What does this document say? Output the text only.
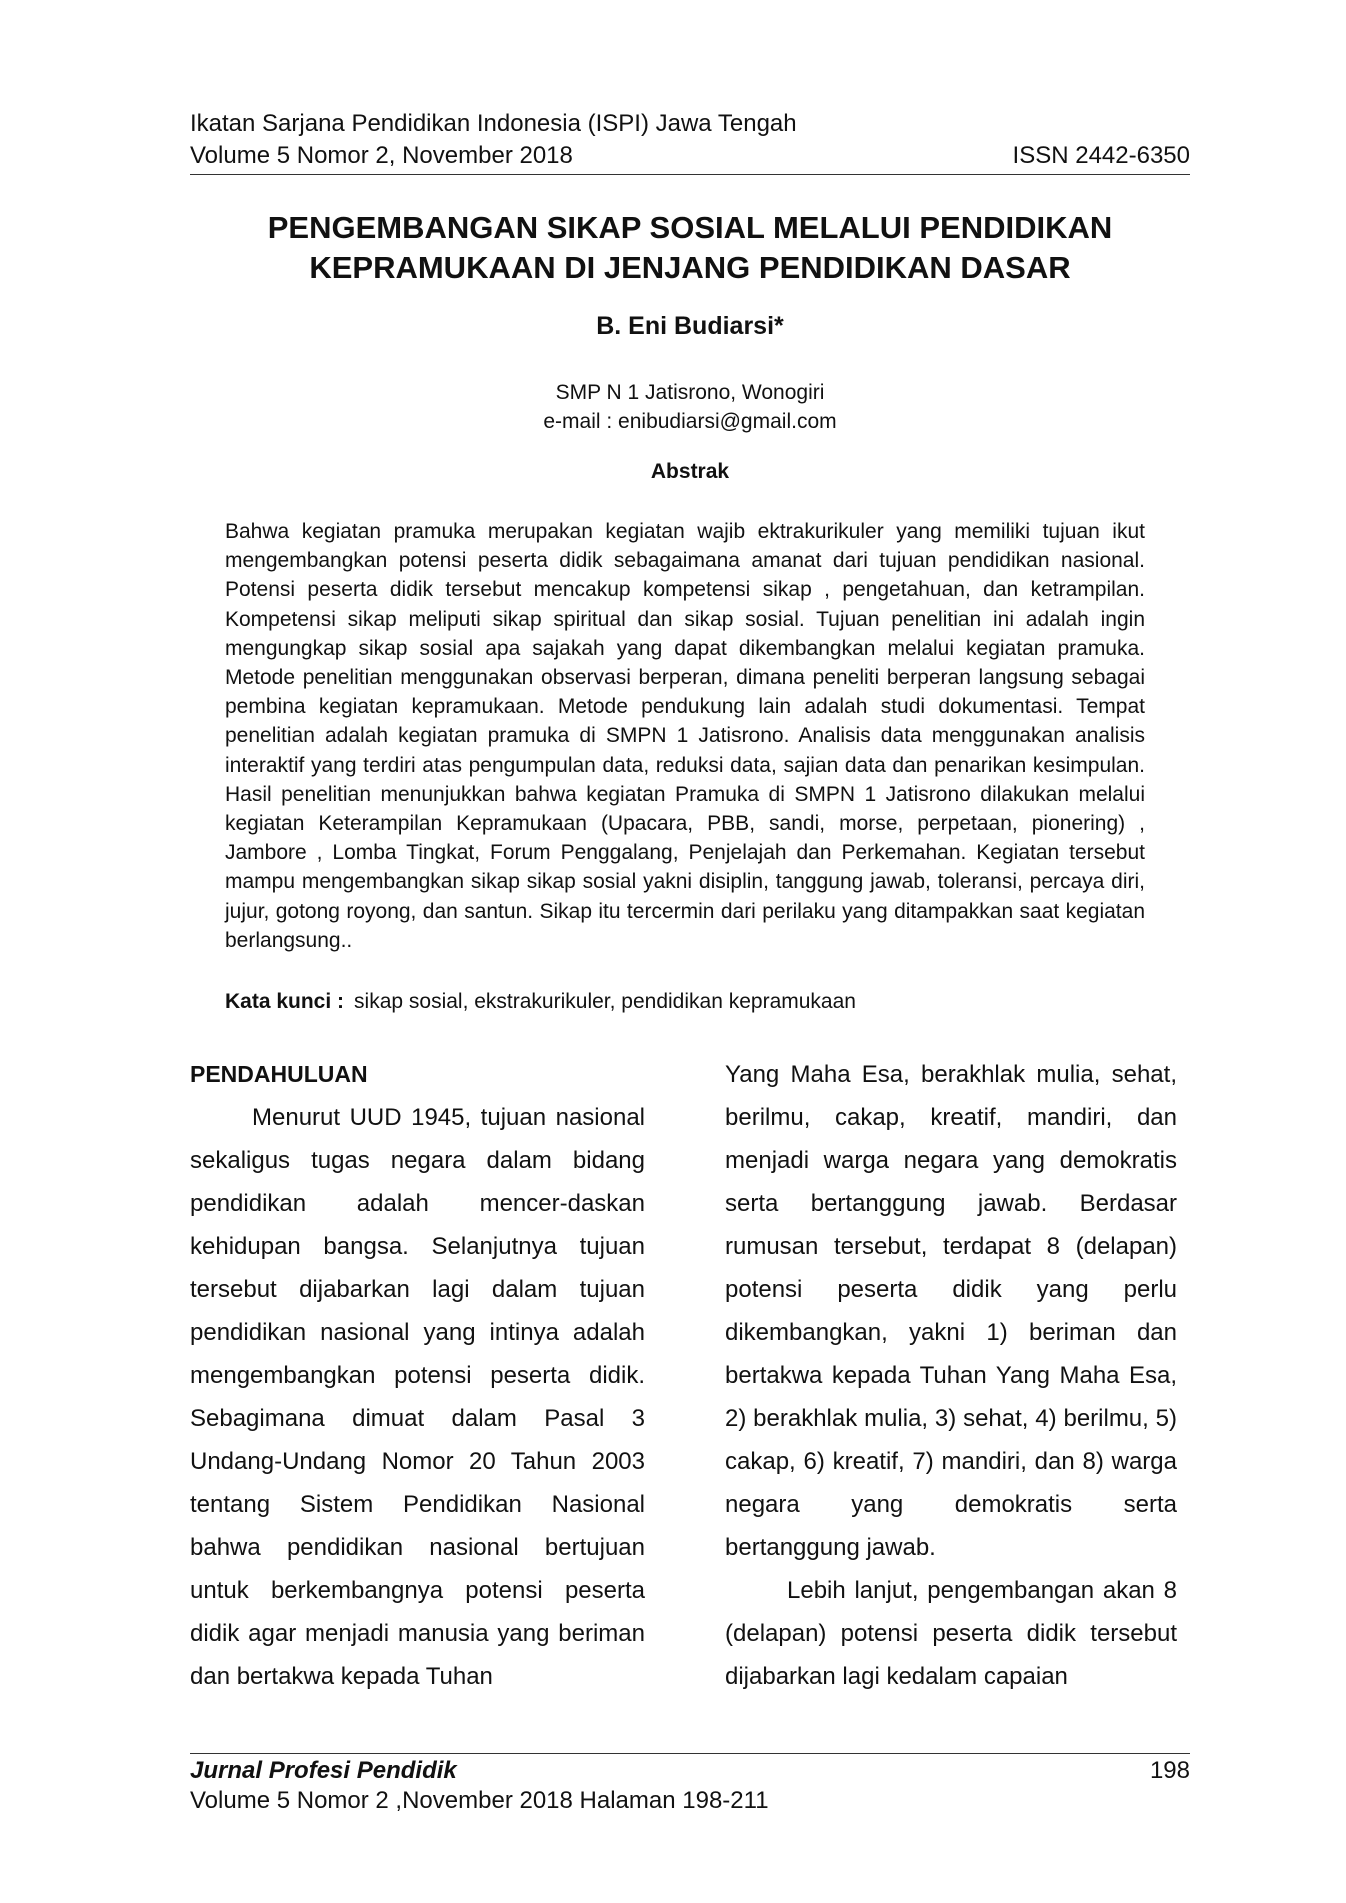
Ikatan Sarjana Pendidikan Indonesia (ISPI) Jawa Tengah
Volume 5 Nomor 2, November 2018	ISSN 2442-6350
PENGEMBANGAN SIKAP SOSIAL MELALUI PENDIDIKAN
KEPRAMUKAAN DI JENJANG PENDIDIKAN DASAR
B. Eni Budiarsi*
SMP N 1 Jatisrono, Wonogiri
e-mail : enibudiarsi@gmail.com
Abstrak
Bahwa kegiatan pramuka merupakan kegiatan wajib ektrakurikuler yang memiliki tujuan ikut mengembangkan potensi peserta didik sebagaimana amanat dari tujuan pendidikan nasional. Potensi peserta didik tersebut mencakup kompetensi sikap , pengetahuan, dan ketrampilan. Kompetensi sikap meliputi sikap spiritual dan sikap sosial. Tujuan penelitian ini adalah ingin mengungkap sikap sosial apa sajakah yang dapat dikembangkan melalui kegiatan pramuka. Metode penelitian menggunakan observasi berperan, dimana peneliti berperan langsung sebagai pembina kegiatan kepramukaan. Metode pendukung lain adalah studi dokumentasi. Tempat penelitian adalah kegiatan pramuka di SMPN 1 Jatisrono. Analisis data menggunakan analisis interaktif yang terdiri atas pengumpulan data, reduksi data, sajian data dan penarikan kesimpulan. Hasil penelitian menunjukkan bahwa kegiatan Pramuka di SMPN 1 Jatisrono dilakukan melalui kegiatan Keterampilan Kepramukaan (Upacara, PBB, sandi, morse, perpetaan, pionering) , Jambore , Lomba Tingkat, Forum Penggalang, Penjelajah dan Perkemahan. Kegiatan tersebut mampu mengembangkan sikap sikap sosial yakni disiplin, tanggung jawab, toleransi, percaya diri, jujur, gotong royong, dan santun. Sikap itu tercermin dari perilaku yang ditampakkan saat kegiatan berlangsung..
Kata kunci : sikap sosial, ekstrakurikuler, pendidikan kepramukaan
PENDAHULUAN

Menurut UUD 1945, tujuan nasional sekaligus tugas negara dalam bidang pendidikan adalah mencer-daskan kehidupan bangsa. Selanjutnya tujuan tersebut dijabarkan lagi dalam tujuan pendidikan nasional yang intinya adalah mengembangkan potensi peserta didik. Sebagimana dimuat dalam Pasal 3 Undang-Undang Nomor 20 Tahun 2003 tentang Sistem Pendidikan Nasional bahwa pendidikan nasional bertujuan untuk berkembangnya potensi peserta didik agar menjadi manusia yang beriman dan bertakwa kepada Tuhan

Yang Maha Esa, berakhlak mulia, sehat, berilmu, cakap, kreatif, mandiri, dan menjadi warga negara yang demokratis serta bertanggung jawab. Berdasar rumusan tersebut, terdapat 8 (delapan) potensi peserta didik yang perlu dikembangkan, yakni 1) beriman dan bertakwa kepada Tuhan Yang Maha Esa, 2) berakhlak mulia, 3) sehat, 4) berilmu, 5) cakap, 6) kreatif, 7) mandiri, dan 8) warga negara yang demokratis serta bertanggung jawab.

Lebih lanjut, pengembangan akan 8 (delapan) potensi peserta didik tersebut dijabarkan lagi kedalam capaian

Jurnal Profesi Pendidik	198
Volume 5 Nomor 2 ,November 2018 Halaman 198-211
